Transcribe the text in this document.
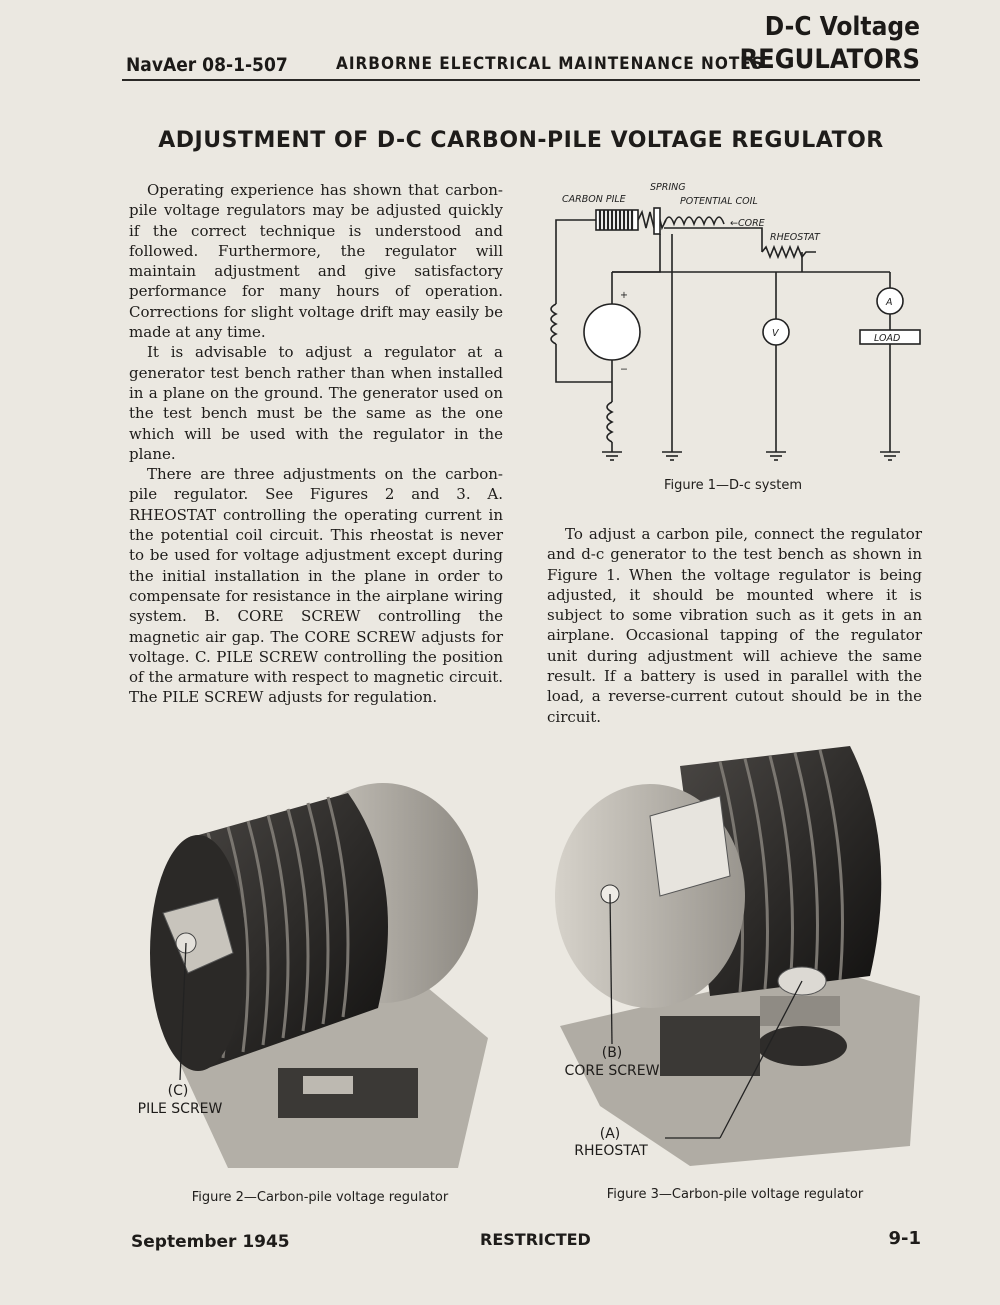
NavAer 08-1-507	AIRBORNE ELECTRICAL MAINTENANCE NOTES
D-C Voltage
REGULATORS
ADJUSTMENT OF D-C CARBON-PILE VOLTAGE REGULATOR

Operating experience has shown that carbon-pile voltage regulators may be adjusted quickly if the correct technique is understood and followed. Furthermore, the regulator will maintain adjustment and give satisfactory performance for many hours of operation. Corrections for slight voltage drift may easily be made at any time.

It is advisable to adjust a regulator at a generator test bench rather than when installed in a plane on the ground. The generator used on the test bench must be the same as the one which will be used with the regulator in the plane.

There are three adjustments on the carbon-pile regulator. See Figures 2 and 3. A. RHEOSTAT controlling the operating current in the potential coil circuit. This rheostat is never to be used for voltage adjustment except during the initial installation in the plane in order to compensate for resistance in the airplane wiring system. B. CORE SCREW controlling the magnetic air gap. The CORE SCREW adjusts for voltage. C. PILE SCREW controlling the position of the armature with respect to magnetic circuit. The PILE SCREW adjusts for regulation.

CARBON PILE
SPRING
POTENTIAL COIL
←CORE
RHEOSTAT
A
V	LOAD
+
−
Figure 1—D-c system

To adjust a carbon pile, connect the regulator and d-c generator to the test bench as shown in Figure 1. When the voltage regulator is being adjusted, it should be mounted where it is subject to some vibration such as it gets in an airplane. Occasional tapping of the regulator unit during adjustment will achieve the same result. If a battery is used in parallel with the load, a reverse-current cutout should be in the circuit.

(C)
PILE SCREW
Figure 2—Carbon-pile voltage regulator
(B)
CORE SCREW
(A)
RHEOSTAT
Figure 3—Carbon-pile voltage regulator
September 1945	RESTRICTED	9-1
